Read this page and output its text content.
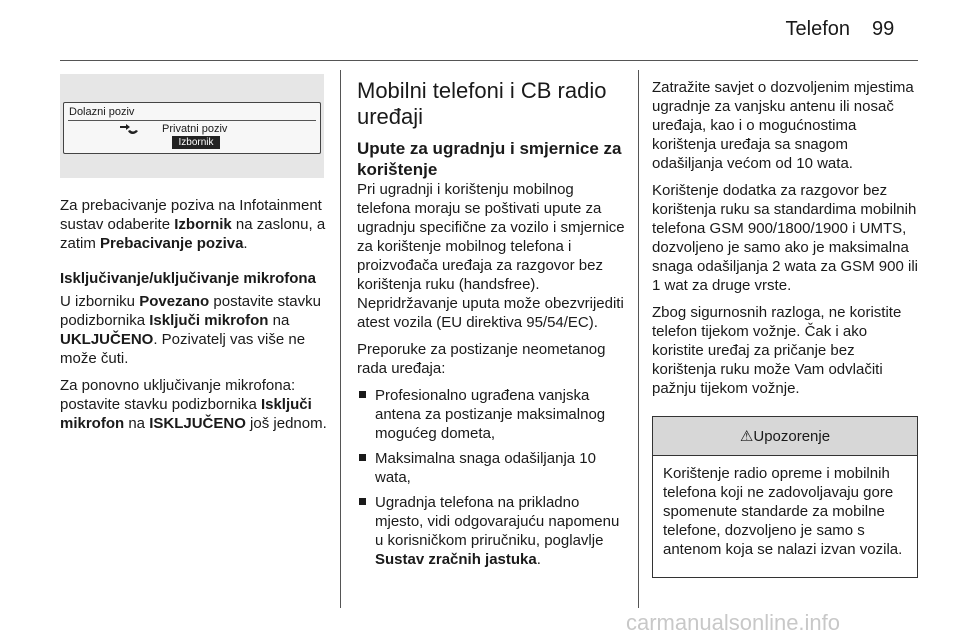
Telefon 99
Dolazni poziv
Privatni poziv
Izbornik

Za prebacivanje poziva na Infotainment sustav odaberite Izbornik na zaslonu, a zatim Prebacivanje poziva.

Isključivanje/uključivanje mikrofona

U izborniku Povezano postavite stavku podizbornika Isključi mikrofon na UKLJUČENO. Pozivatelj vas više ne može čuti.

Za ponovno uključivanje mikrofona: postavite stavku podizbornika Isključi mikrofon na ISKLJUČENO još jednom.

Mobilni telefoni i CB radio uređaji
Upute za ugradnju i smjernice za korištenje

Pri ugradnji i korištenju mobilnog telefona moraju se poštivati upute za ugradnju specifične za vozilo i smjernice za korištenje mobilnog telefona i proizvođača uređaja za razgovor bez korištenja ruku (handsfree). Nepridržavanje uputa može obezvrijediti atest vozila (EU direktiva 95/54/EC).

Preporuke za postizanje neometanog rada uređaja:

Profesionalno ugrađena vanjska antena za postizanje maksimalnog mogućeg dometa,
Maksimalna snaga odašiljanja 10 wata,
Ugradnja telefona na prikladno mjesto, vidi odgovarajuću napomenu u korisničkom priručniku, poglavlje Sustav zračnih jastuka.

Zatražite savjet o dozvoljenim mjestima ugradnje za vanjsku antenu ili nosač uređaja, kao i o mogućnostima korištenja uređaja sa snagom odašiljanja većom od 10 wata.

Korištenje dodatka za razgovor bez korištenja ruku sa standardima mobilnih telefona GSM 900/1800/1900 i UMTS, dozvoljeno je samo ako je maksimalna snaga odašiljanja 2 wata za GSM 900 ili 1 wat za druge vrste.

Zbog sigurnosnih razloga, ne koristite telefon tijekom vožnje. Čak i ako koristite uređaj za pričanje bez korištenja ruku može Vam odvlačiti pažnju tijekom vožnje.

⚠ Upozorenje
Korištenje radio opreme i mobilnih telefona koji ne zadovoljavaju gore spomenute standarde za mobilne telefone, dozvoljeno je samo s antenom koja se nalazi izvan vozila.
carmanualsonline.info
